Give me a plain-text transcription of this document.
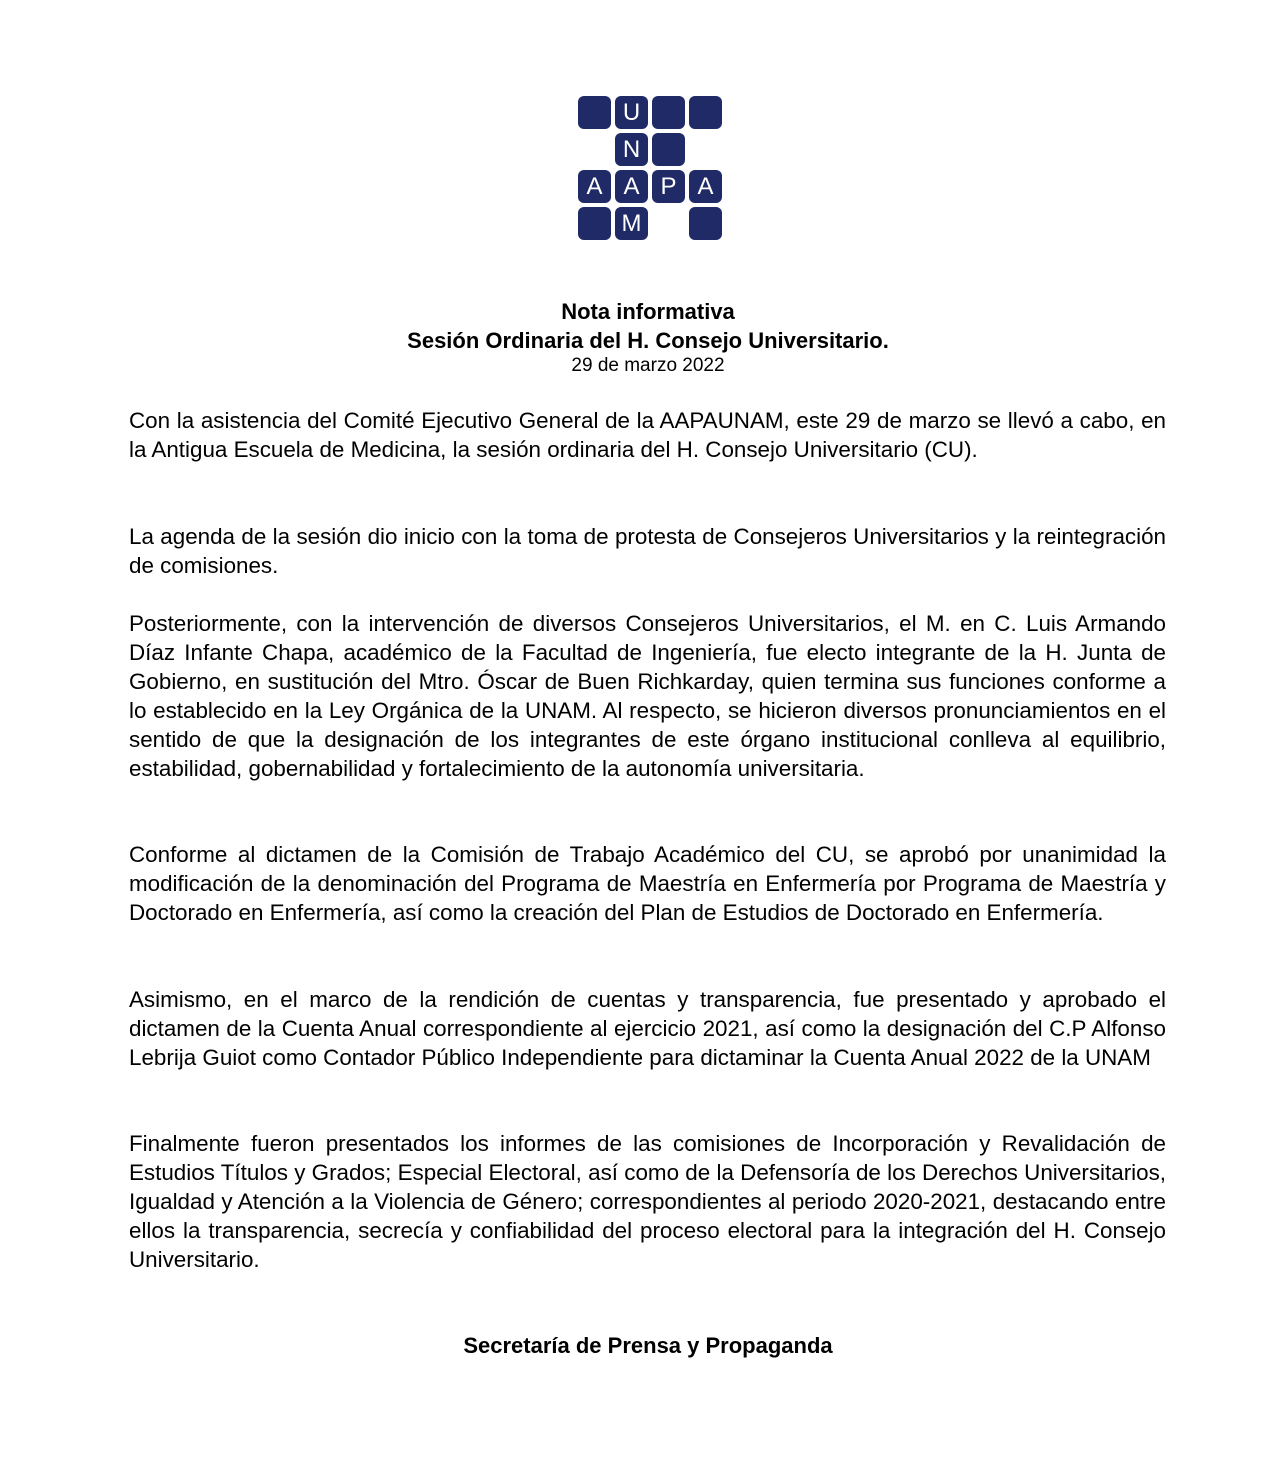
U
N
A A P A
M
Nota informativa
Sesión Ordinaria del H. Consejo Universitario.
29 de marzo 2022

Con la asistencia del Comité Ejecutivo General de la AAPAUNAM, este 29 de marzo se llevó a cabo, en la Antigua Escuela de Medicina, la sesión ordinaria del H. Consejo Universitario (CU).

La agenda de la sesión dio inicio con la toma de protesta de Consejeros Universitarios y la reintegración de comisiones.

Posteriormente, con la intervención de diversos Consejeros Universitarios, el M. en C. Luis Armando Díaz Infante Chapa, académico de la Facultad de Ingeniería, fue electo integrante de la H. Junta de Gobierno, en sustitución del Mtro. Óscar de Buen Richkarday, quien termina sus funciones conforme a lo establecido en la Ley Orgánica de la UNAM. Al respecto, se hicieron diversos pronunciamientos en el sentido de que la designación de los integrantes de este órgano institucional conlleva al equilibrio, estabilidad, gobernabilidad y fortalecimiento de la autonomía universitaria.

Conforme al dictamen de la Comisión de Trabajo Académico del CU, se aprobó por unanimidad la modificación de la denominación del Programa de Maestría en Enfermería por Programa de Maestría y Doctorado en Enfermería, así como la creación del Plan de Estudios de Doctorado en Enfermería.

Asimismo, en el marco de la rendición de cuentas y transparencia, fue presentado y aprobado el dictamen de la Cuenta Anual correspondiente al ejercicio 2021, así como la designación del C.P Alfonso Lebrija Guiot como Contador Público Independiente para dictaminar la Cuenta Anual 2022 de la UNAM

Finalmente fueron presentados los informes de las comisiones de Incorporación y Revalidación de Estudios Títulos y Grados; Especial Electoral, así como de la Defensoría de los Derechos Universitarios, Igualdad y Atención a la Violencia de Género; correspondientes al periodo 2020-2021, destacando entre ellos la transparencia, secrecía y confiabilidad del proceso electoral para la integración del H. Consejo Universitario.

Secretaría de Prensa y Propaganda
